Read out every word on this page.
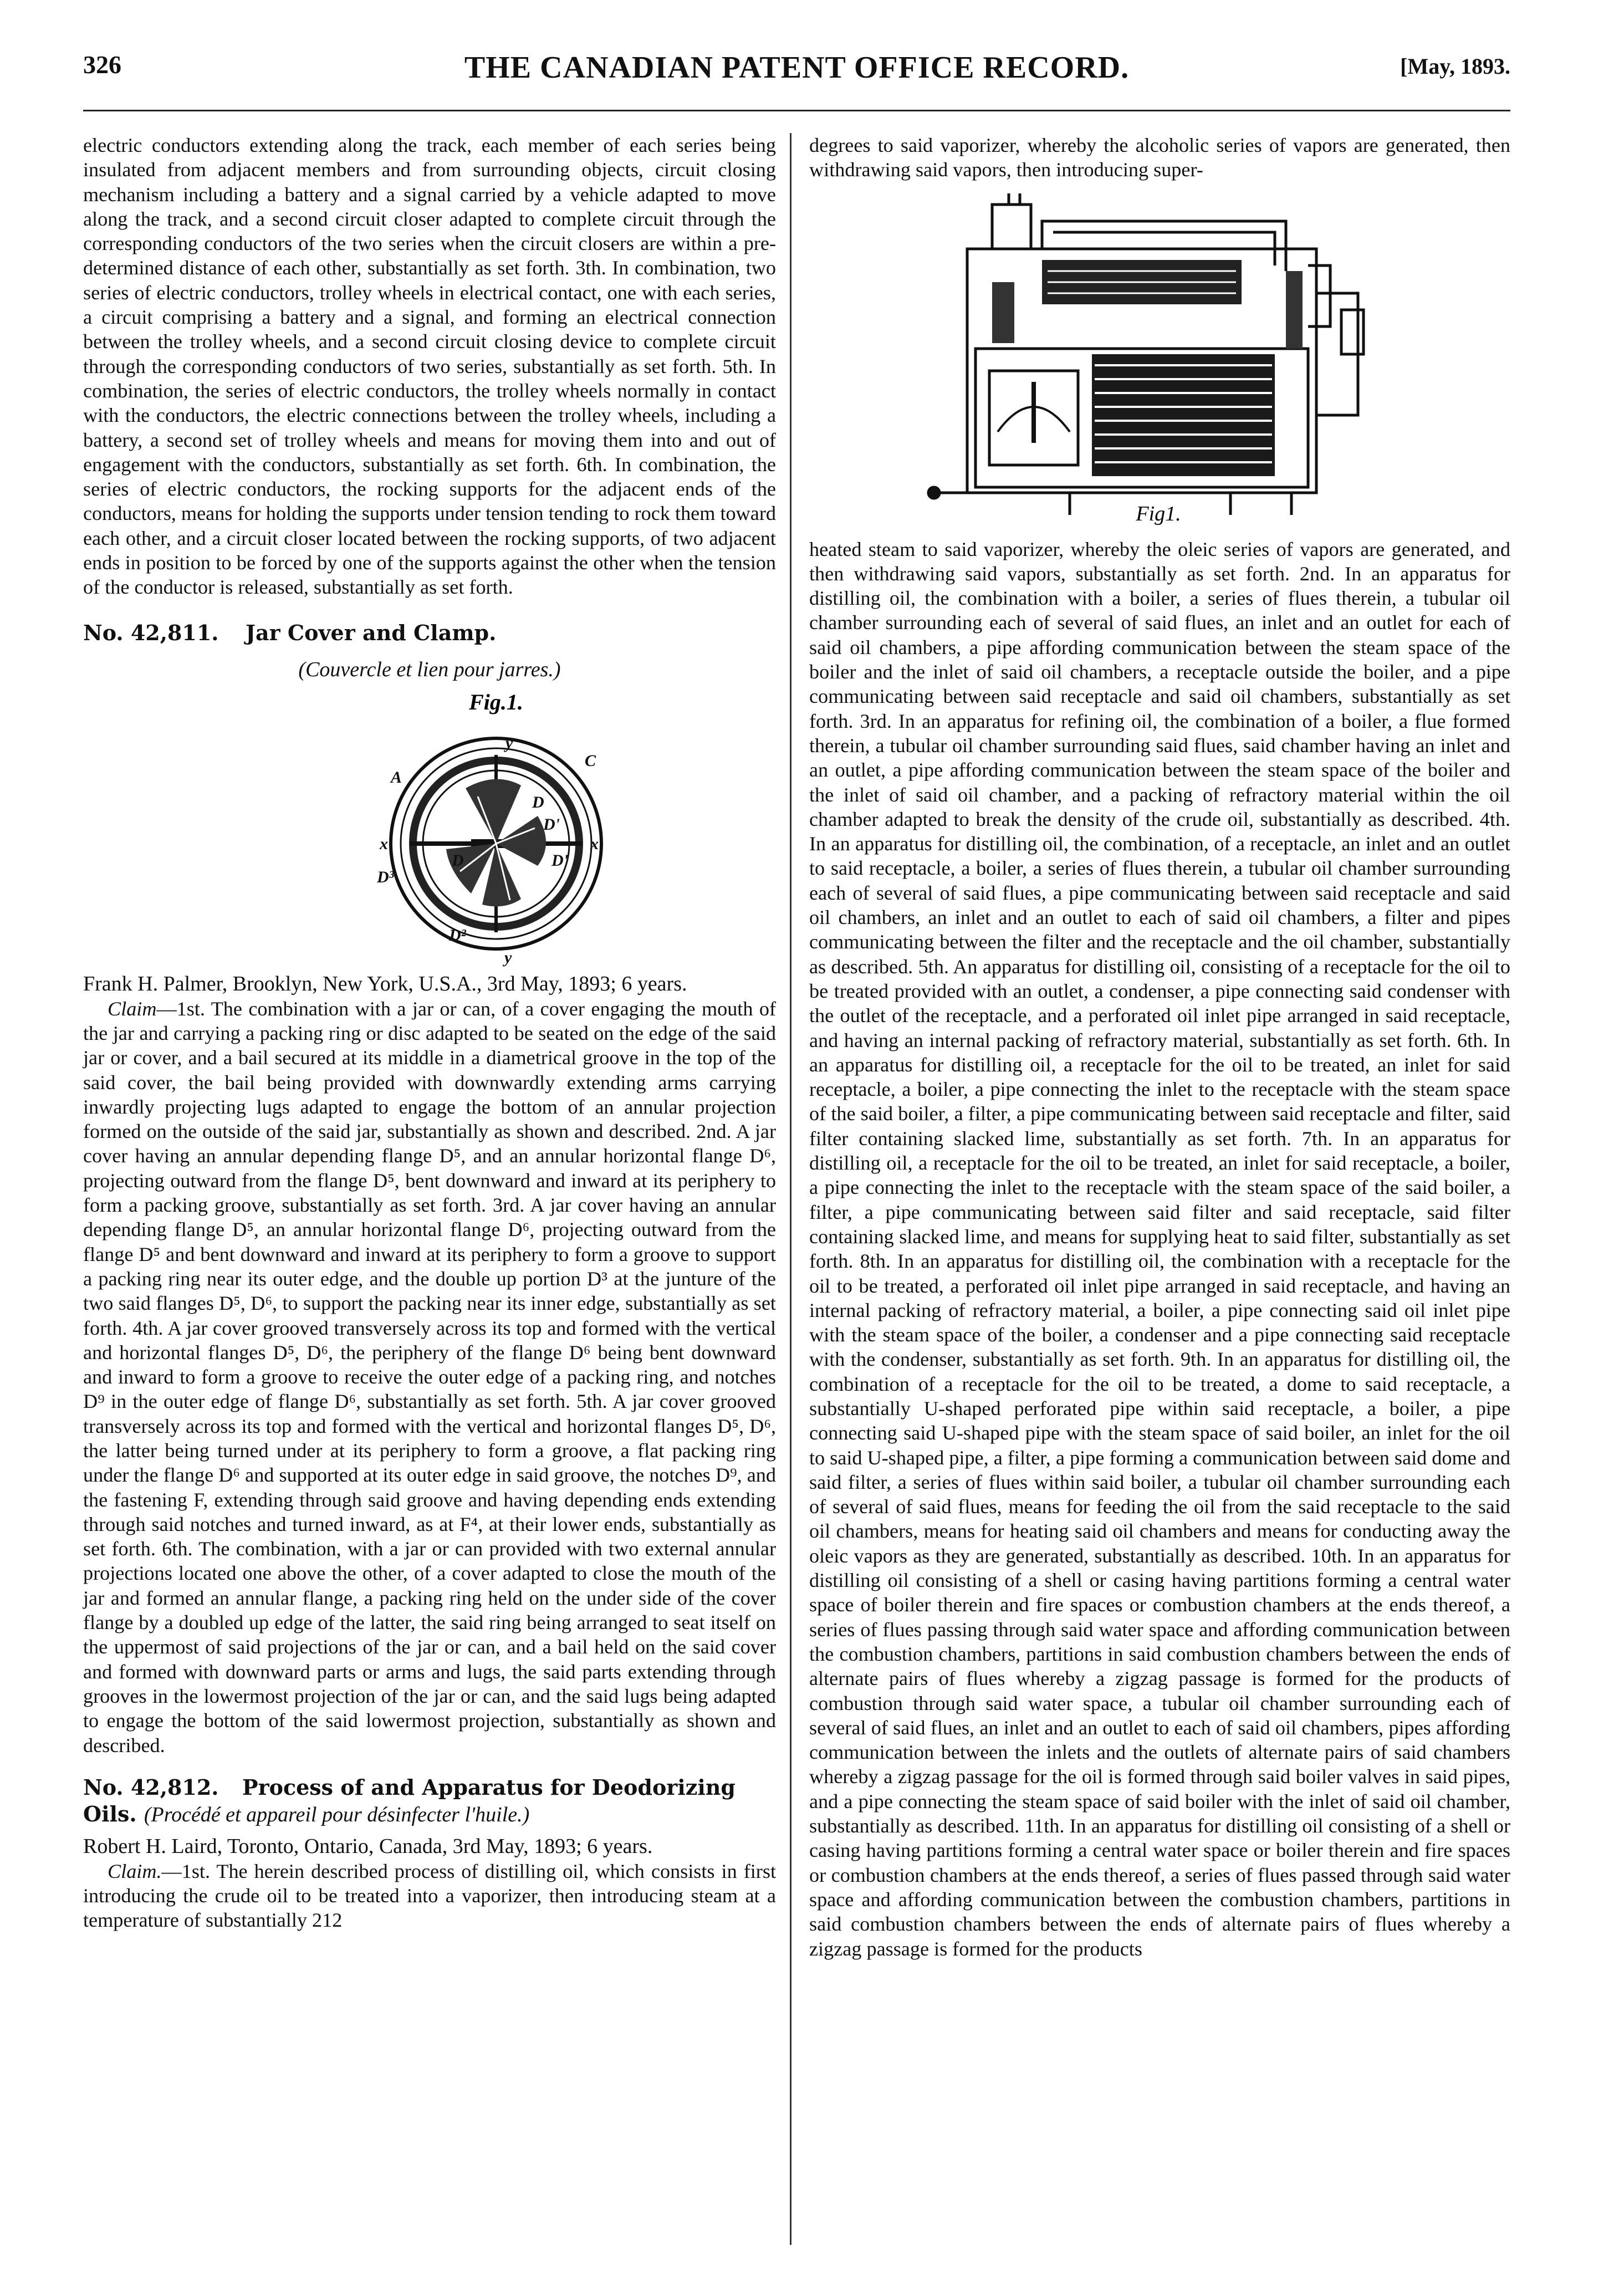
326	THE CANADIAN PATENT OFFICE RECORD.	[May, 1893.

electric conductors extending along the track, each member of each series being insulated from adjacent members and from surrounding objects, circuit closing mechanism including a battery and a signal carried by a vehicle adapted to move along the track, and a second circuit closer adapted to complete circuit through the corresponding conductors of the two series when the circuit closers are within a pre-determined distance of each other, substantially as set forth. 3th. In combination, two series of electric conductors, trolley wheels in electrical contact, one with each series, a circuit comprising a battery and a signal, and forming an electrical connection between the trolley wheels, and a second circuit closing device to complete circuit through the corresponding conductors of two series, substantially as set forth. 5th. In combination, the series of electric conductors, the trolley wheels normally in contact with the conductors, the electric connections between the trolley wheels, including a battery, a second set of trolley wheels and means for moving them into and out of engagement with the conductors, substantially as set forth. 6th. In combination, the series of electric conductors, the rocking supports for the adjacent ends of the conductors, means for holding the supports under tension tending to rock them toward each other, and a circuit closer located between the rocking supports, of two adjacent ends in position to be forced by one of the supports against the other when the tension of the conductor is released, substantially as set forth.

No. 42,811. Jar Cover and Clamp.

(Couvercle et lien pour jarres.)

Fig.1.
A
C
y
x	x
D'
D
D'
D
D³
D²
y

Frank H. Palmer, Brooklyn, New York, U.S.A., 3rd May, 1893; 6 years.

Claim—1st. The combination with a jar or can, of a cover engaging the mouth of the jar and carrying a packing ring or disc adapted to be seated on the edge of the said jar or cover, and a bail secured at its middle in a diametrical groove in the top of the said cover, the bail being provided with downwardly extending arms carrying inwardly projecting lugs adapted to engage the bottom of an annular projection formed on the outside of the said jar, substantially as shown and described. 2nd. A jar cover having an annular depending flange D⁵, and an annular horizontal flange D⁶, projecting outward from the flange D⁵, bent downward and inward at its periphery to form a packing groove, substantially as set forth. 3rd. A jar cover having an annular depending flange D⁵, an annular horizontal flange D⁶, projecting outward from the flange D⁵ and bent downward and inward at its periphery to form a groove to support a packing ring near its outer edge, and the double up portion D³ at the junture of the two said flanges D⁵, D⁶, to support the packing near its inner edge, substantially as set forth. 4th. A jar cover grooved transversely across its top and formed with the vertical and horizontal flanges D⁵, D⁶, the periphery of the flange D⁶ being bent downward and inward to form a groove to receive the outer edge of a packing ring, and notches D⁹ in the outer edge of flange D⁶, substantially as set forth. 5th. A jar cover grooved transversely across its top and formed with the vertical and horizontal flanges D⁵, D⁶, the latter being turned under at its periphery to form a groove, a flat packing ring under the flange D⁶ and supported at its outer edge in said groove, the notches D⁹, and the fastening F, extending through said groove and having depending ends extending through said notches and turned inward, as at F⁴, at their lower ends, substantially as set forth. 6th. The combination, with a jar or can provided with two external annular projections located one above the other, of a cover adapted to close the mouth of the jar and formed an annular flange, a packing ring held on the under side of the cover flange by a doubled up edge of the latter, the said ring being arranged to seat itself on the uppermost of said projections of the jar or can, and a bail held on the said cover and formed with downward parts or arms and lugs, the said parts extending through grooves in the lowermost projection of the jar or can, and the said lugs being adapted to engage the bottom of the said lowermost projection, substantially as shown and described.

No. 42,812. Process of and Apparatus for Deodorizing Oils. (Procédé et appareil pour désinfecter l'huile.)

Robert H. Laird, Toronto, Ontario, Canada, 3rd May, 1893; 6 years.

Claim.—1st. The herein described process of distilling oil, which consists in first introducing the crude oil to be treated into a vaporizer, then introducing steam at a temperature of substantially 212

degrees to said vaporizer, whereby the alcoholic series of vapors are generated, then withdrawing said vapors, then introducing super-

Fig1.

heated steam to said vaporizer, whereby the oleic series of vapors are generated, and then withdrawing said vapors, substantially as set forth. 2nd. In an apparatus for distilling oil, the combination with a boiler, a series of flues therein, a tubular oil chamber surrounding each of several of said flues, an inlet and an outlet for each of said oil chambers, a pipe affording communication between the steam space of the boiler and the inlet of said oil chambers, a receptacle outside the boiler, and a pipe communicating between said receptacle and said oil chambers, substantially as set forth. 3rd. In an apparatus for refining oil, the combination of a boiler, a flue formed therein, a tubular oil chamber surrounding said flues, said chamber having an inlet and an outlet, a pipe affording communication between the steam space of the boiler and the inlet of said oil chamber, and a packing of refractory material within the oil chamber adapted to break the density of the crude oil, substantially as described. 4th. In an apparatus for distilling oil, the combination, of a receptacle, an inlet and an outlet to said receptacle, a boiler, a series of flues therein, a tubular oil chamber surrounding each of several of said flues, a pipe communicating between said receptacle and said oil chambers, an inlet and an outlet to each of said oil chambers, a filter and pipes communicating between the filter and the receptacle and the oil chamber, substantially as described. 5th. An apparatus for distilling oil, consisting of a receptacle for the oil to be treated provided with an outlet, a condenser, a pipe connecting said condenser with the outlet of the receptacle, and a perforated oil inlet pipe arranged in said receptacle, and having an internal packing of refractory material, substantially as set forth. 6th. In an apparatus for distilling oil, a receptacle for the oil to be treated, an inlet for said receptacle, a boiler, a pipe connecting the inlet to the receptacle with the steam space of the said boiler, a filter, a pipe communicating between said receptacle and filter, said filter containing slacked lime, substantially as set forth. 7th. In an apparatus for distilling oil, a receptacle for the oil to be treated, an inlet for said receptacle, a boiler, a pipe connecting the inlet to the receptacle with the steam space of the said boiler, a filter, a pipe communicating between said filter and said receptacle, said filter containing slacked lime, and means for supplying heat to said filter, substantially as set forth. 8th. In an apparatus for distilling oil, the combination with a receptacle for the oil to be treated, a perforated oil inlet pipe arranged in said receptacle, and having an internal packing of refractory material, a boiler, a pipe connecting said oil inlet pipe with the steam space of the boiler, a condenser and a pipe connecting said receptacle with the condenser, substantially as set forth. 9th. In an apparatus for distilling oil, the combination of a receptacle for the oil to be treated, a dome to said receptacle, a substantially U-shaped perforated pipe within said receptacle, a boiler, a pipe connecting said U-shaped pipe with the steam space of said boiler, an inlet for the oil to said U-shaped pipe, a filter, a pipe forming a communication between said dome and said filter, a series of flues within said boiler, a tubular oil chamber surrounding each of several of said flues, means for feeding the oil from the said receptacle to the said oil chambers, means for heating said oil chambers and means for conducting away the oleic vapors as they are generated, substantially as described. 10th. In an apparatus for distilling oil consisting of a shell or casing having partitions forming a central water space of boiler therein and fire spaces or combustion chambers at the ends thereof, a series of flues passing through said water space and affording communication between the combustion chambers, partitions in said combustion chambers between the ends of alternate pairs of flues whereby a zigzag passage is formed for the products of combustion through said water space, a tubular oil chamber surrounding each of several of said flues, an inlet and an outlet to each of said oil chambers, pipes affording communication between the inlets and the outlets of alternate pairs of said chambers whereby a zigzag passage for the oil is formed through said boiler valves in said pipes, and a pipe connecting the steam space of said boiler with the inlet of said oil chamber, substantially as described. 11th. In an apparatus for distilling oil consisting of a shell or casing having partitions forming a central water space or boiler therein and fire spaces or combustion chambers at the ends thereof, a series of flues passed through said water space and affording communication between the combustion chambers, partitions in said combustion chambers between the ends of alternate pairs of flues whereby a zigzag passage is formed for the products
